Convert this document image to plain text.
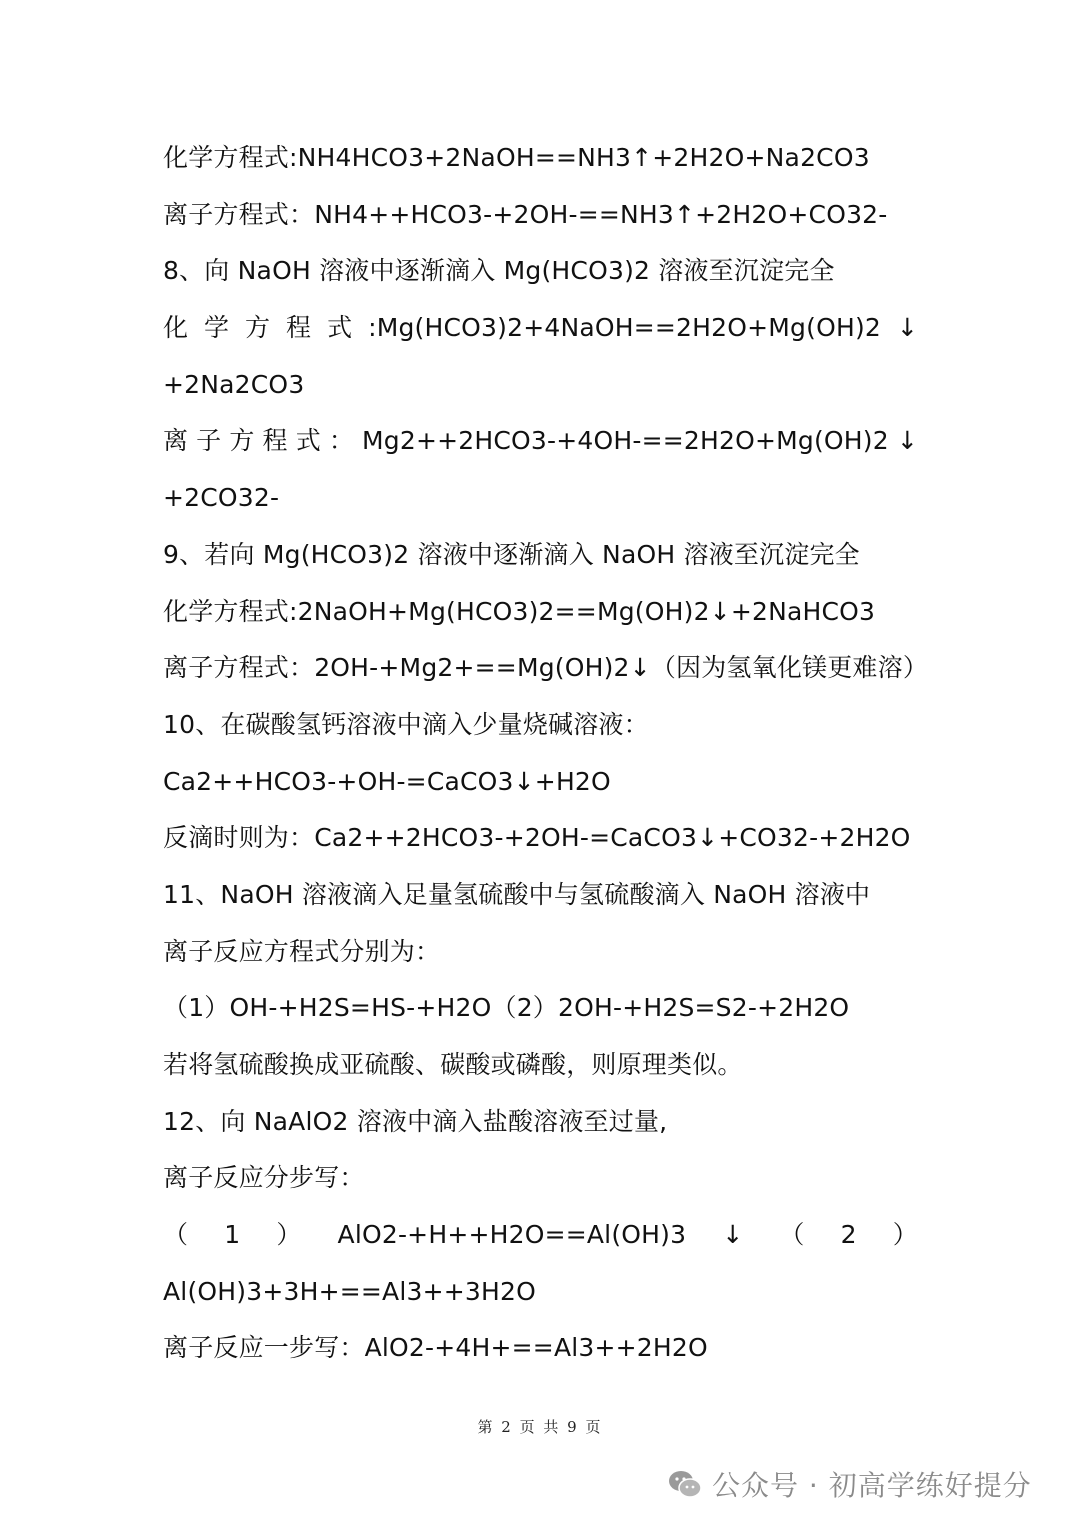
化学方程式:NH4HCO3+2NaOH==NH3↑+2H2O+Na2CO3
离子方程式：NH4++HCO3-+2OH-==NH3↑+2H2O+CO32-
8、向 NaOH 溶液中逐渐滴入 Mg(HCO3)2 溶液至沉淀完全
化 学 方 程 式 :Mg(HCO3)2+4NaOH==2H2O+Mg(OH)2 ↓
+2Na2CO3
离 子 方 程 式 ： Mg2++2HCO3-+4OH-==2H2O+Mg(OH)2 ↓
+2CO32-
9、若向 Mg(HCO3)2 溶液中逐渐滴入 NaOH 溶液至沉淀完全
化学方程式:2NaOH+Mg(HCO3)2==Mg(OH)2↓+2NaHCO3
离子方程式：2OH-+Mg2+==Mg(OH)2↓（因为氢氧化镁更难溶）
10、在碳酸氢钙溶液中滴入少量烧碱溶液：
Ca2++HCO3-+OH-=CaCO3↓+H2O
反滴时则为：Ca2++2HCO3-+2OH-=CaCO3↓+CO32-+2H2O
11、NaOH 溶液滴入足量氢硫酸中与氢硫酸滴入 NaOH 溶液中
离子反应方程式分别为：
（1）OH-+H2S=HS-+H2O（2）2OH-+H2S=S2-+2H2O
若将氢硫酸换成亚硫酸、碳酸或磷酸，则原理类似。
12、向 NaAlO2 溶液中滴入盐酸溶液至过量,
离子反应分步写：
（ 1 ） AlO2-+H++H2O==Al(OH)3 ↓ （ 2 ）
Al(OH)3+3H+==Al3++3H2O
离子反应一步写：AlO2-+4H+==Al3++2H2O
第 2 页 共 9 页
公众号 · 初高学练好提分
